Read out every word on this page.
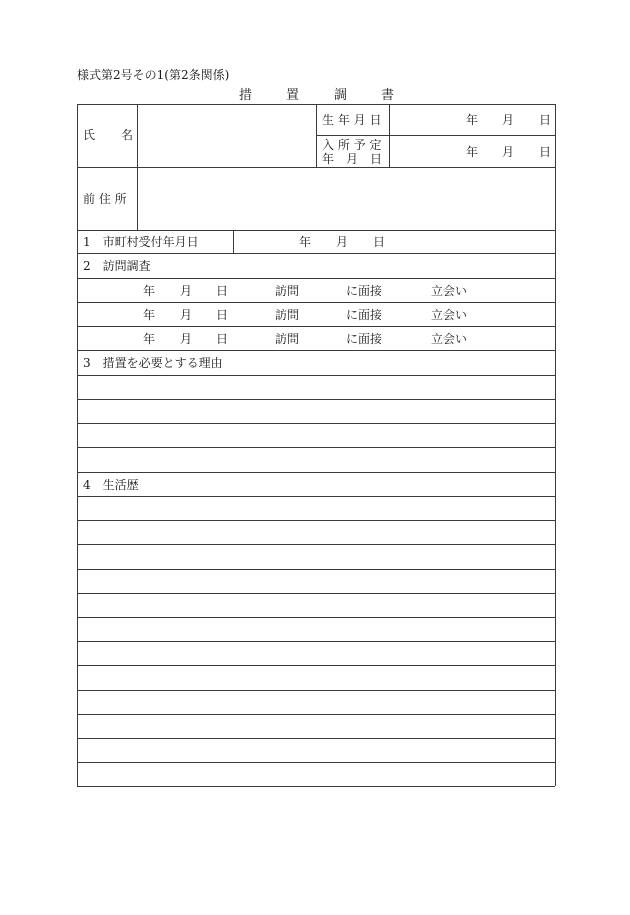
様式第2号その1(第2条関係)
措	置	調	書
氏 名
生 年 月 日	年 月 日
入 所 予 定
年　月　日	年 月 日
前 住 所
1　市町村受付年月日	年 月 日
2　訪問調査
年 月 日	訪問	に面接	立会い
年 月 日	訪問	に面接	立会い
年 月 日	訪問	に面接	立会い
3　措置を必要とする理由
4　生活歴
